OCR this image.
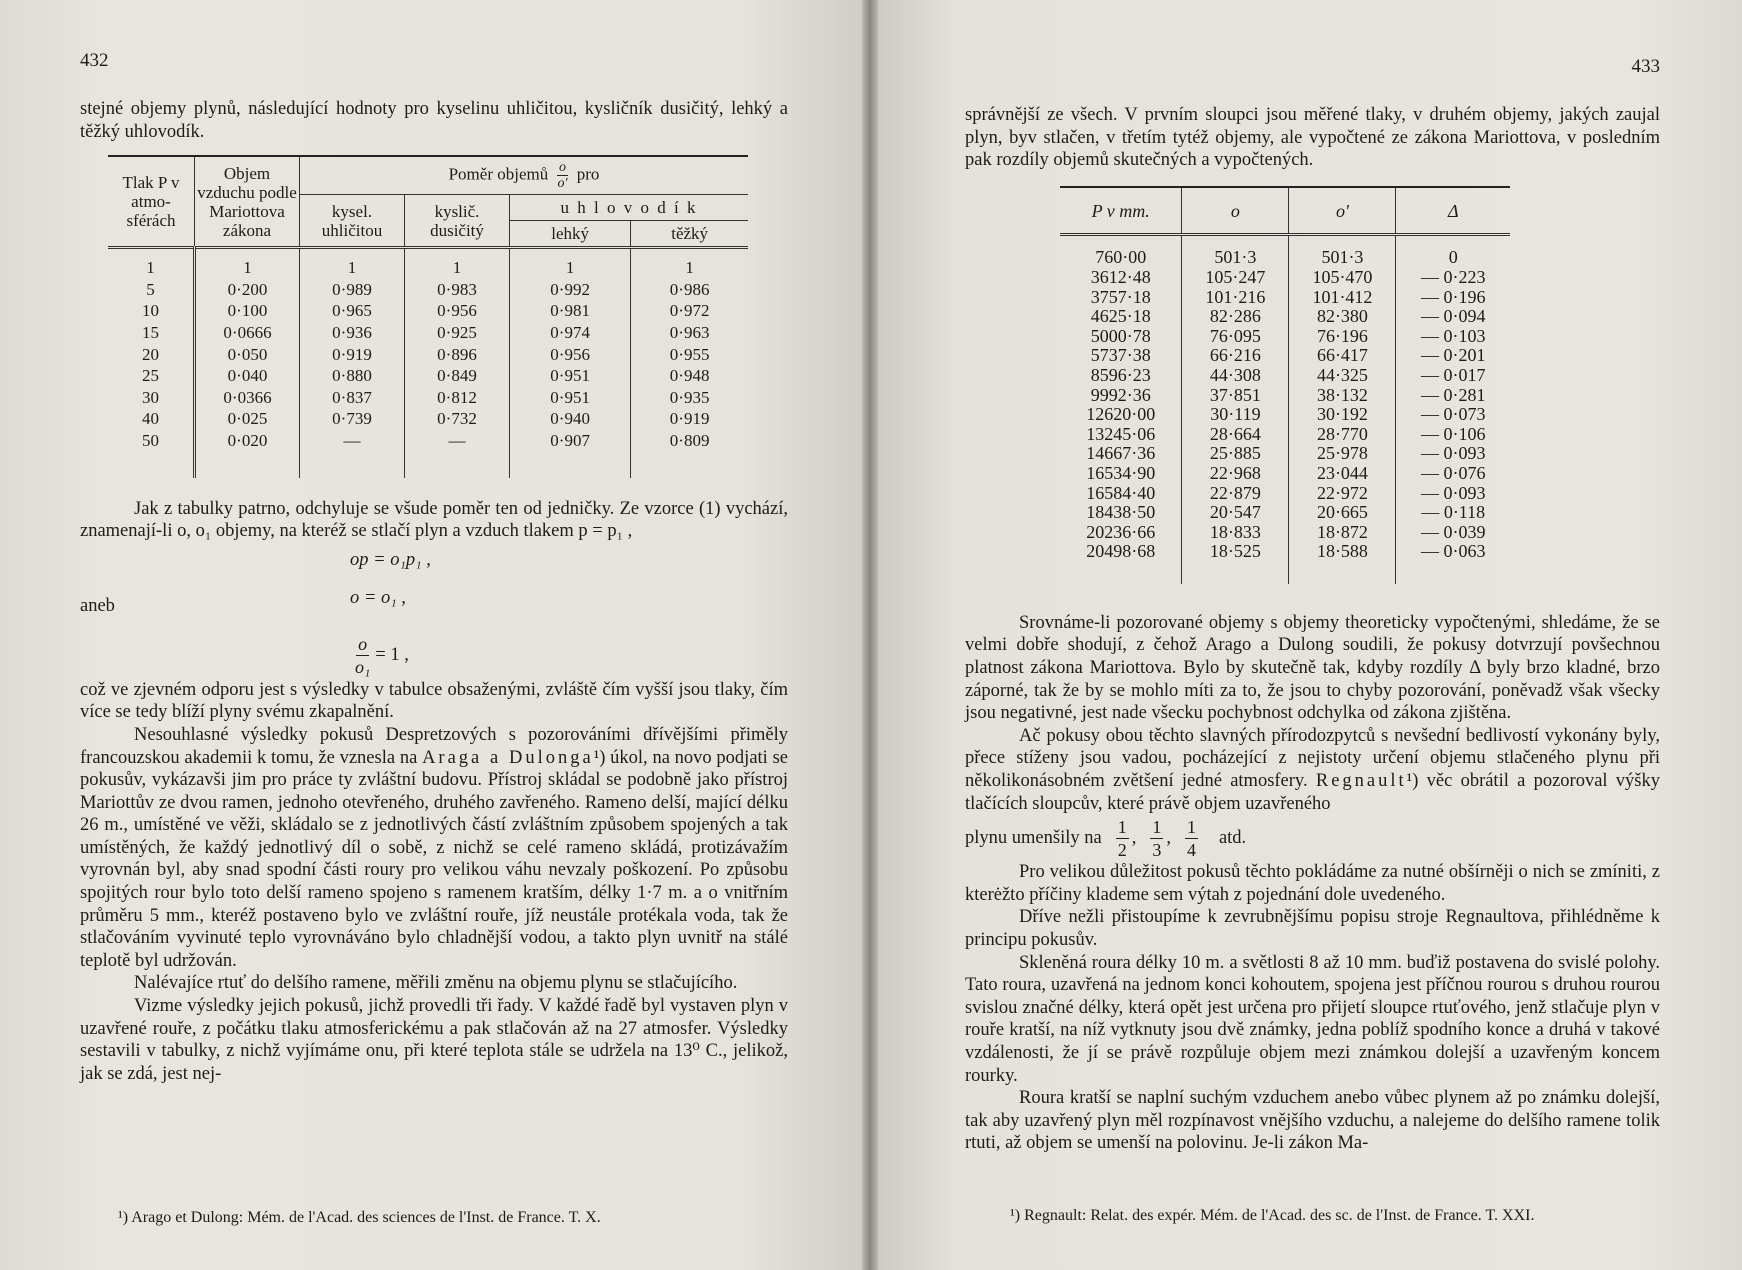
432

stejné objemy plynů, následující hodnoty pro kyselinu uhličitou, kysličník dusičitý, lehký a těžký uhlovodík.

Tlak P v atmo-sférách	Objem vzduchu podle Mariottova zákona	Poměr objemů $\frac{o}{o'}$ pro			
		kysel. uhličitou	kyslič. dusičitý	u h l o v o d í k	
				lehký	těžký
1	1	1	1	1	1
5	0·200	0·989	0·983	0·992	0·986
10	0·100	0·965	0·956	0·981	0·972
15	0·0666	0·936	0·925	0·974	0·963
20	0·050	0·919	0·896	0·956	0·955
25	0·040	0·880	0·849	0·951	0·948
30	0·0366	0·837	0·812	0·951	0·935
40	0·025	0·739	0·732	0·940	0·919
50	0·020	—	—	0·907	0·809

Jak z tabulky patrno, odchyluje se všude poměr ten od jedničky. Ze vzorce (1) vychází, znamenají-li o, o₁ objemy, na kteréž se stlačí plyn a vzduch tlakem p = p₁ ,

op = o₁p₁ ,
aneb	o = o₁ ,
$\frac{o}{\text{o₁}} = 1$ ,

což ve zjevném odporu jest s výsledky v tabulce obsaženými, zvláště čím vyšší jsou tlaky, čím více se tedy blíží plyny svému zkapalnění.

Nesouhlasné výsledky pokusů Despretzových s pozorováními dřívějšími přiměly francouzskou akademii k tomu, že vznesla na Araga a Dulonga¹) úkol, na novo podjati se pokusův, vykázavši jim pro práce ty zvláštní budovu. Přístroj skládal se podobně jako přístroj Mariottův ze dvou ramen, jednoho otevřeného, druhého zavřeného. Rameno delší, mající délku 26 m., umístěné ve věži, skládalo se z jednotlivých částí zvláštním způsobem spojených a tak umístěných, že každý jednotlivý díl o sobě, z nichž se celé rameno skládá, protizávažím vyrovnán byl, aby snad spodní části roury pro velikou váhu nevzaly poškození. Po způsobu spojitých rour bylo toto delší rameno spojeno s ramenem kratším, délky 1·7 m. a o vnitřním průměru 5 mm., kteréž postaveno bylo ve zvláštní rouře, jíž neustále protékala voda, tak že stlačováním vyvinuté teplo vyrovnáváno bylo chladnější vodou, a takto plyn uvnitř na stálé teplotě byl udržován.

Nalévajíce rtuť do delšího ramene, měřili změnu na objemu plynu se stlačujícího.

Vizme výsledky jejich pokusů, jichž provedli tři řady. V každé řadě byl vystaven plyn v uzavřené rouře, z počátku tlaku atmosferickému a pak stlačován až na 27 atmosfer. Výsledky sestavili v tabulky, z nichž vyjímáme onu, při které teplota stále se udržela na 13⁰ C., jelikož, jak se zdá, jest nej-

¹) Arago et Dulong: Mém. de l'Acad. des sciences de l'Inst. de France. T. X.
433

správnější ze všech. V prvním sloupci jsou měřené tlaky, v druhém objemy, jakých zaujal plyn, byv stlačen, v třetím tytéž objemy, ale vypočtené ze zákona Mariottova, v posledním pak rozdíly objemů skutečných a vypočtených.

P v mm.	o	o'	Δ
760·00	501·3	501·3	0
3612·48	105·247	105·470	— 0·223
3757·18	101·216	101·412	— 0·196
4625·18	82·286	82·380	— 0·094
5000·78	76·095	76·196	— 0·103
5737·38	66·216	66·417	— 0·201
8596·23	44·308	44·325	— 0·017
9992·36	37·851	38·132	— 0·281
12620·00	30·119	30·192	— 0·073
13245·06	28·664	28·770	— 0·106
14667·36	25·885	25·978	— 0·093
16534·90	22·968	23·044	— 0·076
16584·40	22·879	22·972	— 0·093
18438·50	20·547	20·665	— 0·118
20236·66	18·833	18·872	— 0·039
20498·68	18·525	18·588	— 0·063

Srovnáme-li pozorované objemy s objemy theoreticky vypočtenými, shledáme, že se velmi dobře shodují, z čehož Arago a Dulong soudili, že pokusy dotvrzují povšechnou platnost zákona Mariottova. Bylo by skutečně tak, kdyby rozdíly Δ byly brzo kladné, brzo záporné, tak že by se mohlo míti za to, že jsou to chyby pozorování, poněvadž však všecky jsou negativné, jest nade všecku pochybnost odchylka od zákona zjištěna.

Ač pokusy obou těchto slavných přírodozpytců s nevšední bedlivostí vykonány byly, přece stíženy jsou vadou, pocházející z nejistoty určení objemu stlačeného plynu při několikonásobném zvětšení jedné atmosfery. Regnault¹) věc obrátil a pozoroval výšky tlačících sloupcův, které právě objem uzavřeného

plynu umenšily na $\frac{1}{2}$ , $\frac{1}{3}$ , $\frac{1}{4}$ atd.

Pro velikou důležitost pokusů těchto pokládáme za nutné obšírněji o nich se zmíniti, z kterėžto příčiny klademe sem výtah z pojednání dole uvedeného.

Dříve nežli přistoupíme k zevrubnějšímu popisu stroje Regnaultova, přihlédněme k principu pokusův.

Skleněná roura délky 10 m. a světlosti 8 až 10 mm. buďiž postavena do svislé polohy. Tato roura, uzavřená na jednom konci kohoutem, spojena jest příčnou rourou s druhou rourou svislou značné délky, která opět jest určena pro přijetí sloupce rtuťového, jenž stlačuje plyn v rouře kratší, na níž vytknuty jsou dvě známky, jedna poblíž spodního konce a druhá v takové vzdálenosti, že jí se právě rozpůluje objem mezi známkou dolejší a uzavřeným koncem rourky.

Roura kratší se naplní suchým vzduchem anebo vůbec plynem až po známku dolejší, tak aby uzavřený plyn měl rozpínavost vnějšího vzduchu, a nalejeme do delšího ramene tolik rtuti, až objem se umenší na polovinu. Je-li zákon Ma-

¹) Regnault: Relat. des expér. Mém. de l'Acad. des sc. de l'Inst. de France. T. XXI.
